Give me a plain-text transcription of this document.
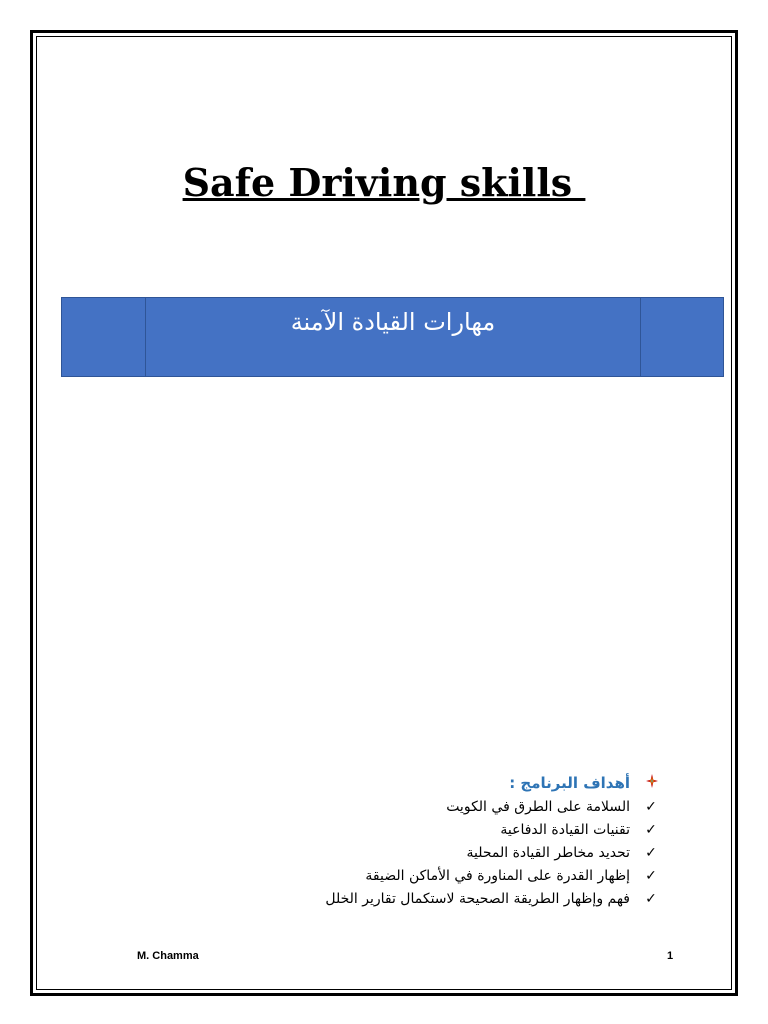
Safe Driving skills
مهارات القيادة الآمنة
أهداف البرنامج :
✓
السلامة على الطرق في الكويت
✓
تقنيات القيادة الدفاعية
✓
تحديد مخاطر القيادة المحلية
✓
إظهار القدرة على المناورة في الأماكن الضيقة
✓
فهم وإظهار الطريقة الصحيحة لاستكمال تقارير الخلل
M. Chamma	1
